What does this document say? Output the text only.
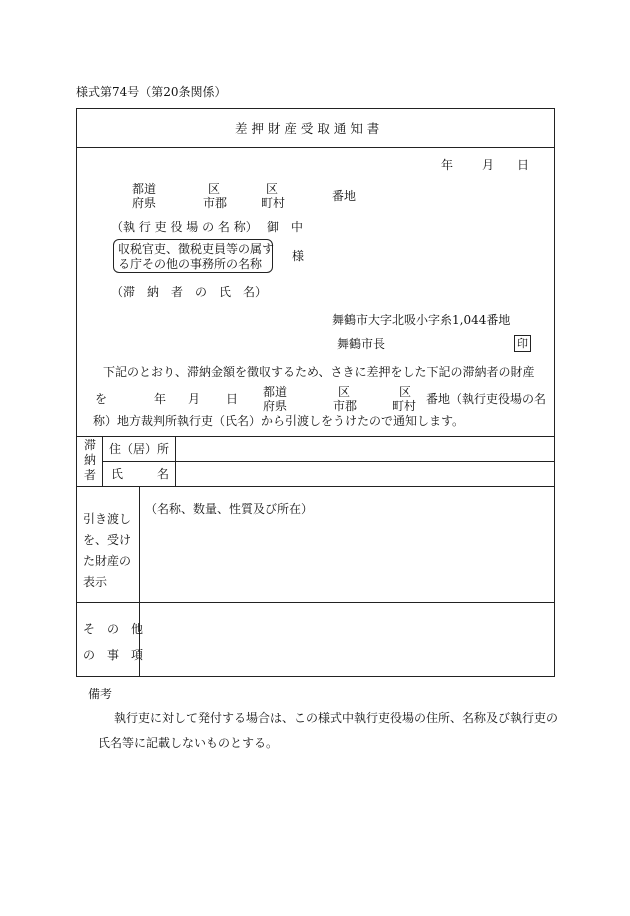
様式第74号（第20条関係）
差 押 財 産 受 取 通 知 書
年 月 日
都道
府県
区
市郡
区
町村	番地
（執 行 吏 役 場 の 名 称） 御　中
収税官吏、徴税吏員等の属す
る庁その他の事務所の名称
様
（滞　納　者　の　氏　名）
舞鶴市大字北吸小字糸1,044番地
舞鶴市長	印
下記のとおり、滞納金額を徴収するため、さきに差押をした下記の滞納者の財産
を	年 月 日 都道
府県
区
市郡
区
町村 番地（執行吏役場の名
称）地方裁判所執行吏（氏名）から引渡しをうけたので通知します。
滞
納
者
住（居）所
氏	名
引き渡し
を、受け
た財産の
表示
（名称、数量、性質及び所在）
そ　の　他
の　事　項
備考
執行吏に対して発付する場合は、この様式中執行吏役場の住所、名称及び執行吏の
氏名等に記載しないものとする。
